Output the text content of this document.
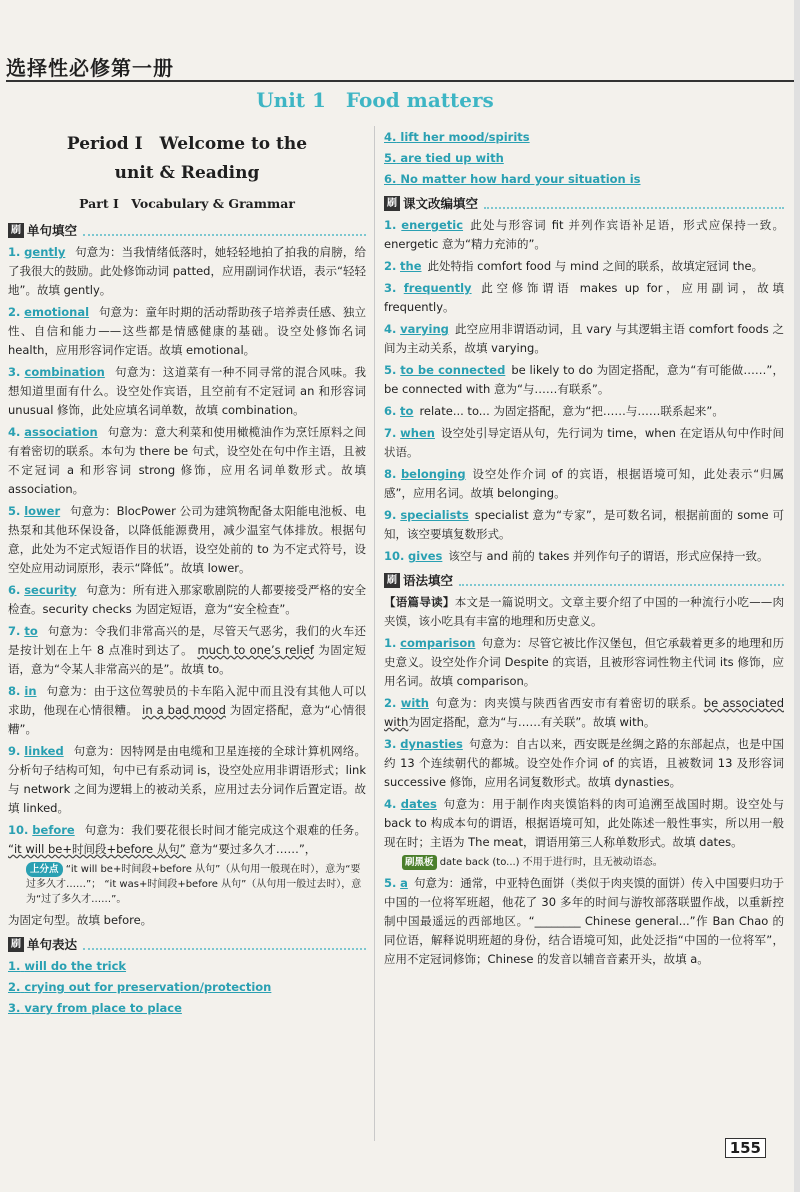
选择性必修第一册
Unit 1 Food matters
Period Ⅰ　Welcome to the
unit & Reading
Part Ⅰ　Vocabulary & Grammar
刷 单句填空
1. gently 句意为：当我情绪低落时，她轻轻地拍了拍我的肩膀，给了我很大的鼓励。此处修饰动词 patted，应用副词作状语，表示“轻轻地”。故填 gently。
2. emotional 句意为：童年时期的活动帮助孩子培养责任感、独立性、自信和能力——这些都是情感健康的基础。设空处修饰名词 health，应用形容词作定语。故填 emotional。
3. combination 句意为：这道菜有一种不同寻常的混合风味。我想知道里面有什么。设空处作宾语，且空前有不定冠词 an 和形容词 unusual 修饰，此处应填名词单数，故填 combination。
4. association 句意为：意大利菜和使用橄榄油作为烹饪原料之间有着密切的联系。本句为 there be 句式，设空处在句中作主语，且被不定冠词 a 和形容词 strong 修饰，应用名词单数形式。故填 association。
5. lower 句意为：BlocPower 公司为建筑物配备太阳能电池板、电热泵和其他环保设备，以降低能源费用，减少温室气体排放。根据句意，此处为不定式短语作目的状语，设空处前的 to 为不定式符号，设空处应用动词原形，表示“降低”。故填 lower。
6. security 句意为：所有进入那家歌剧院的人都要接受严格的安全检查。security checks 为固定短语，意为“安全检查”。
7. to 句意为：令我们非常高兴的是，尽管天气恶劣，我们的火车还是按计划在上午 8 点准时到达了。 much to one’s relief 为固定短语，意为“令某人非常高兴的是”。故填 to。
8. in 句意为：由于这位驾驶员的卡车陷入泥中而且没有其他人可以求助，他现在心情很糟。 in a bad mood 为固定搭配，意为“心情很糟”。
9. linked 句意为：因特网是由电缆和卫星连接的全球计算机网络。分析句子结构可知，句中已有系动词 is，设空处应用非谓语形式；link 与 network 之间为逻辑上的被动关系，应用过去分词作后置定语。故填 linked。
10. before 句意为：我们要花很长时间才能完成这个艰难的任务。 “it will be+时间段+before 从句” 意为“要过多久才……”，
上分点 “it will be+时间段+before 从句”（从句用一般现在时），意为“要过多久才……”； “it was+时间段+before 从句”（从句用一般过去时），意为“过了多久才……”。
为固定句型。故填 before。
刷 单句表达
1. will do the trick
2. crying out for preservation/protection
3. vary from place to place
4. lift her mood/spirits
5. are tied up with
6. No matter how hard your situation is
刷 课文改编填空
1. energetic 此处与形容词 fit 并列作宾语补足语，形式应保持一致。energetic 意为“精力充沛的”。
2. the 此处特指 comfort food 与 mind 之间的联系，故填定冠词 the。
3. frequently 此空修饰谓语 makes up for，应用副词，故填 frequently。
4. varying 此空应用非谓语动词，且 vary 与其逻辑主语 comfort foods 之间为主动关系，故填 varying。
5. to be connected be likely to do 为固定搭配，意为“有可能做……”，be connected with 意为“与……有联系”。
6. to relate... to... 为固定搭配，意为“把……与……联系起来”。
7. when 设空处引导定语从句，先行词为 time，when 在定语从句中作时间状语。
8. belonging 设空处作介词 of 的宾语，根据语境可知，此处表示“归属感”，应用名词。故填 belonging。
9. specialists specialist 意为“专家”，是可数名词，根据前面的 some 可知，该空要填复数形式。
10. gives 该空与 and 前的 takes 并列作句子的谓语，形式应保持一致。
刷 语法填空
【语篇导读】本文是一篇说明文。文章主要介绍了中国的一种流行小吃——肉夹馍，该小吃具有丰富的地理和历史意义。
1. comparison 句意为：尽管它被比作汉堡包，但它承载着更多的地理和历史意义。设空处作介词 Despite 的宾语，且被形容词性物主代词 its 修饰，应用名词。故填 comparison。
2. with 句意为：肉夹馍与陕西省西安市有着密切的联系。be associated with为固定搭配，意为“与……有关联”。故填 with。
3. dynasties 句意为：自古以来，西安既是丝绸之路的东部起点，也是中国约 13 个连续朝代的都城。设空处作介词 of 的宾语，且被数词 13 及形容词 successive 修饰，应用名词复数形式。故填 dynasties。
4. dates 句意为：用于制作肉夹馍馅料的肉可追溯至战国时期。设空处与 back to 构成本句的谓语，根据语境可知，此处陈述一般性事实，所以用一般现在时；主语为 The meat，谓语用第三人称单数形式。故填 dates。
刷黑板 date back (to...) 不用于进行时，且无被动语态。
5. a 句意为：通常，中亚特色面饼（类似于肉夹馍的面饼）传入中国要归功于中国的一位将军班超，他花了 30 多年的时间与游牧部落联盟作战，以重新控制中国最遥远的西部地区。“________ Chinese general...”作 Ban Chao 的同位语，解释说明班超的身份，结合语境可知，此处泛指“中国的一位将军”，应用不定冠词修饰；Chinese 的发音以辅音音素开头，故填 a。
155
